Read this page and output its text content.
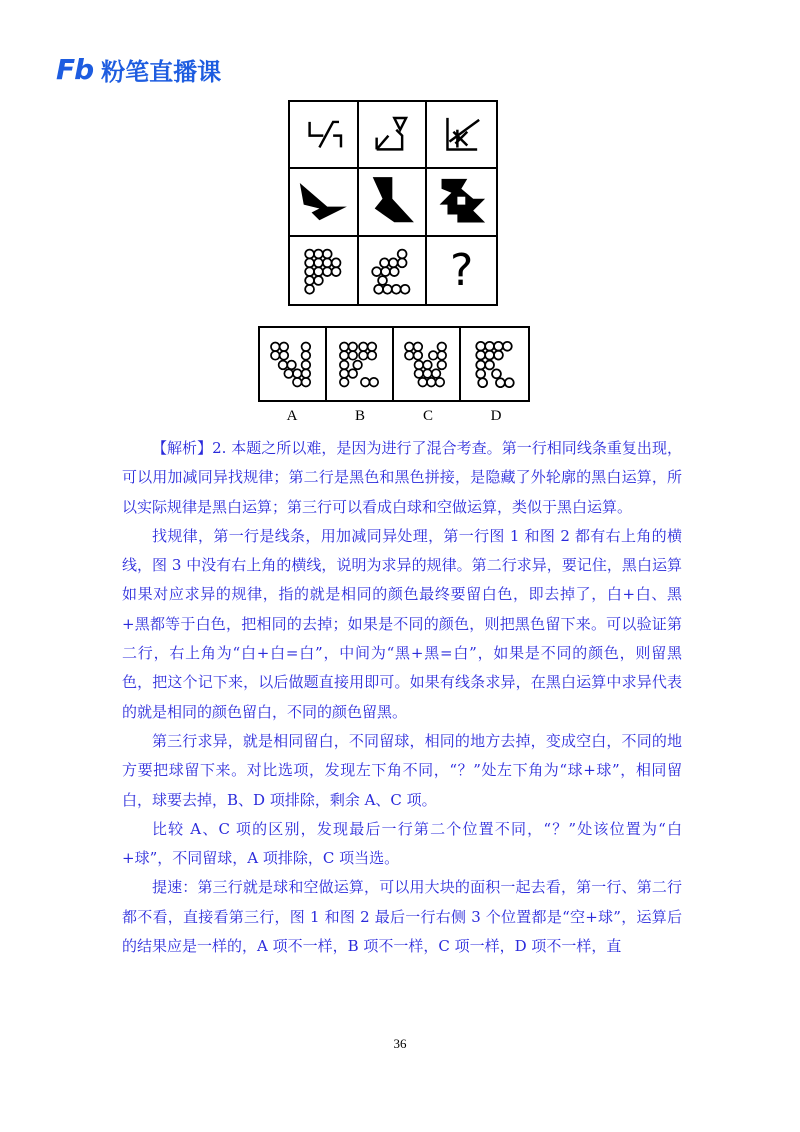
Fb 粉笔直播课
?
A	B	C	D

【解析】2. 本题之所以难，是因为进行了混合考查。第一行相同线条重复出现，可以用加减同异找规律；第二行是黑色和黑色拼接，是隐藏了外轮廓的黑白运算，所以实际规律是黑白运算；第三行可以看成白球和空做运算，类似于黑白运算。

找规律，第一行是线条，用加减同异处理，第一行图 1 和图 2 都有右上角的横线，图 3 中没有右上角的横线，说明为求异的规律。第二行求异，要记住，黑白运算如果对应求异的规律，指的就是相同的颜色最终要留白色，即去掉了，白+白、黑+黑都等于白色，把相同的去掉；如果是不同的颜色，则把黑色留下来。可以验证第二行，右上角为“白+白=白”，中间为“黑+黑=白”，如果是不同的颜色，则留黑色，把这个记下来，以后做题直接用即可。如果有线条求异，在黑白运算中求异代表的就是相同的颜色留白，不同的颜色留黑。

第三行求异，就是相同留白，不同留球，相同的地方去掉，变成空白，不同的地方要把球留下来。对比选项，发现左下角不同，“？”处左下角为“球+球”，相同留白，球要去掉，B、D 项排除，剩余 A、C 项。

比较 A、C 项的区别，发现最后一行第二个位置不同，“？”处该位置为“白+球”，不同留球，A 项排除，C 项当选。

提速：第三行就是球和空做运算，可以用大块的面积一起去看，第一行、第二行都不看，直接看第三行，图 1 和图 2 最后一行右侧 3 个位置都是“空+球”，运算后的结果应是一样的，A 项不一样，B 项不一样，C 项一样，D 项不一样，直

36
